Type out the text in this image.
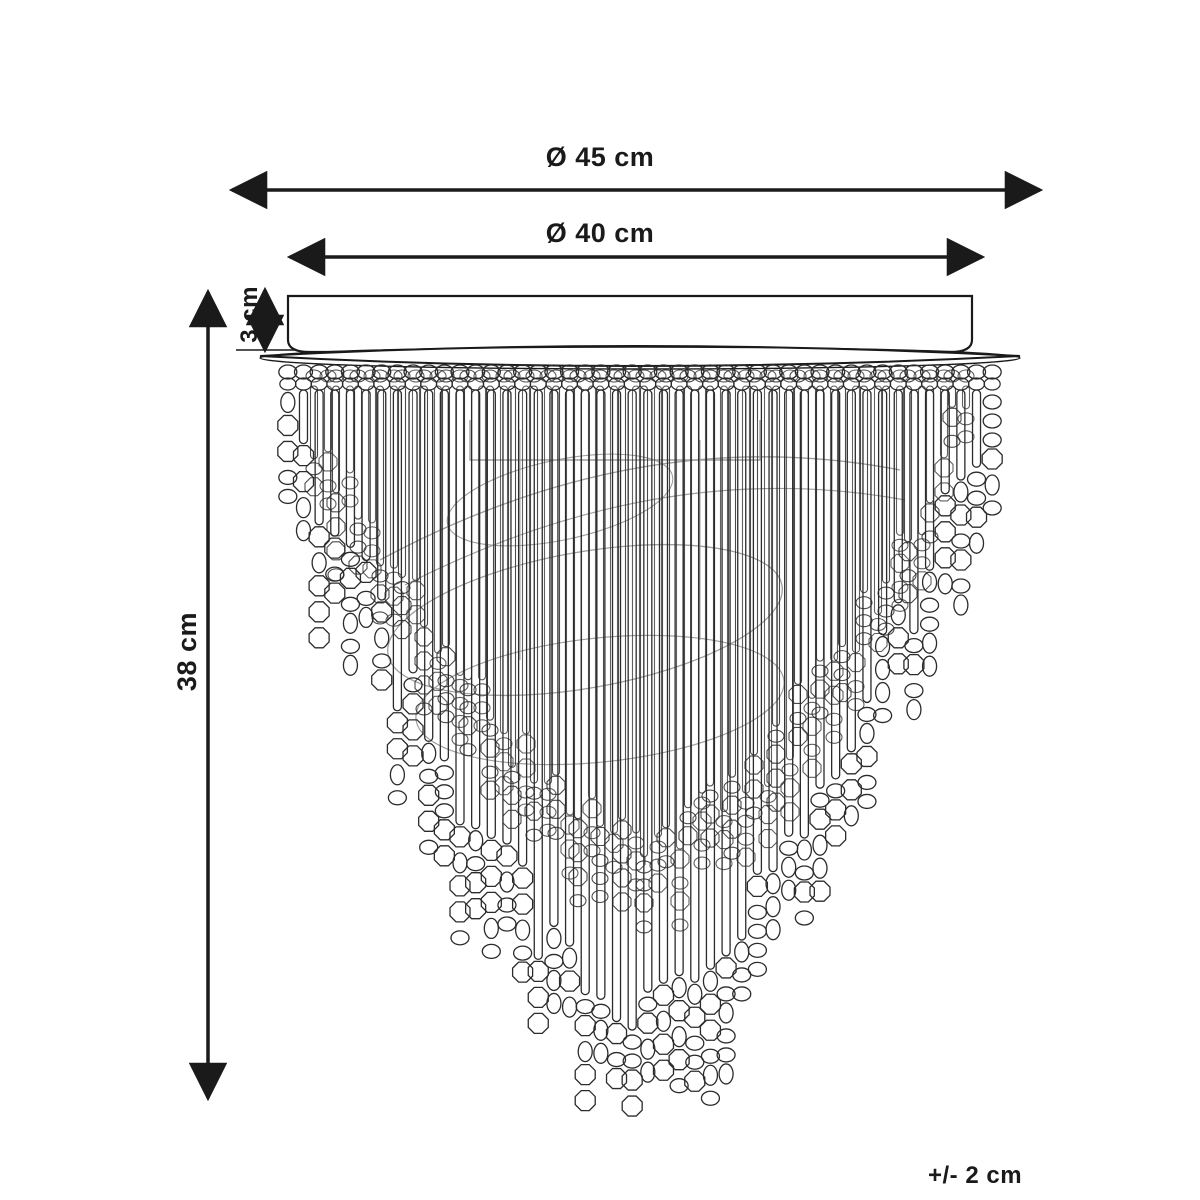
Ø 45 cm
Ø 40 cm
3 cm
38 cm
+/- 2 cm
